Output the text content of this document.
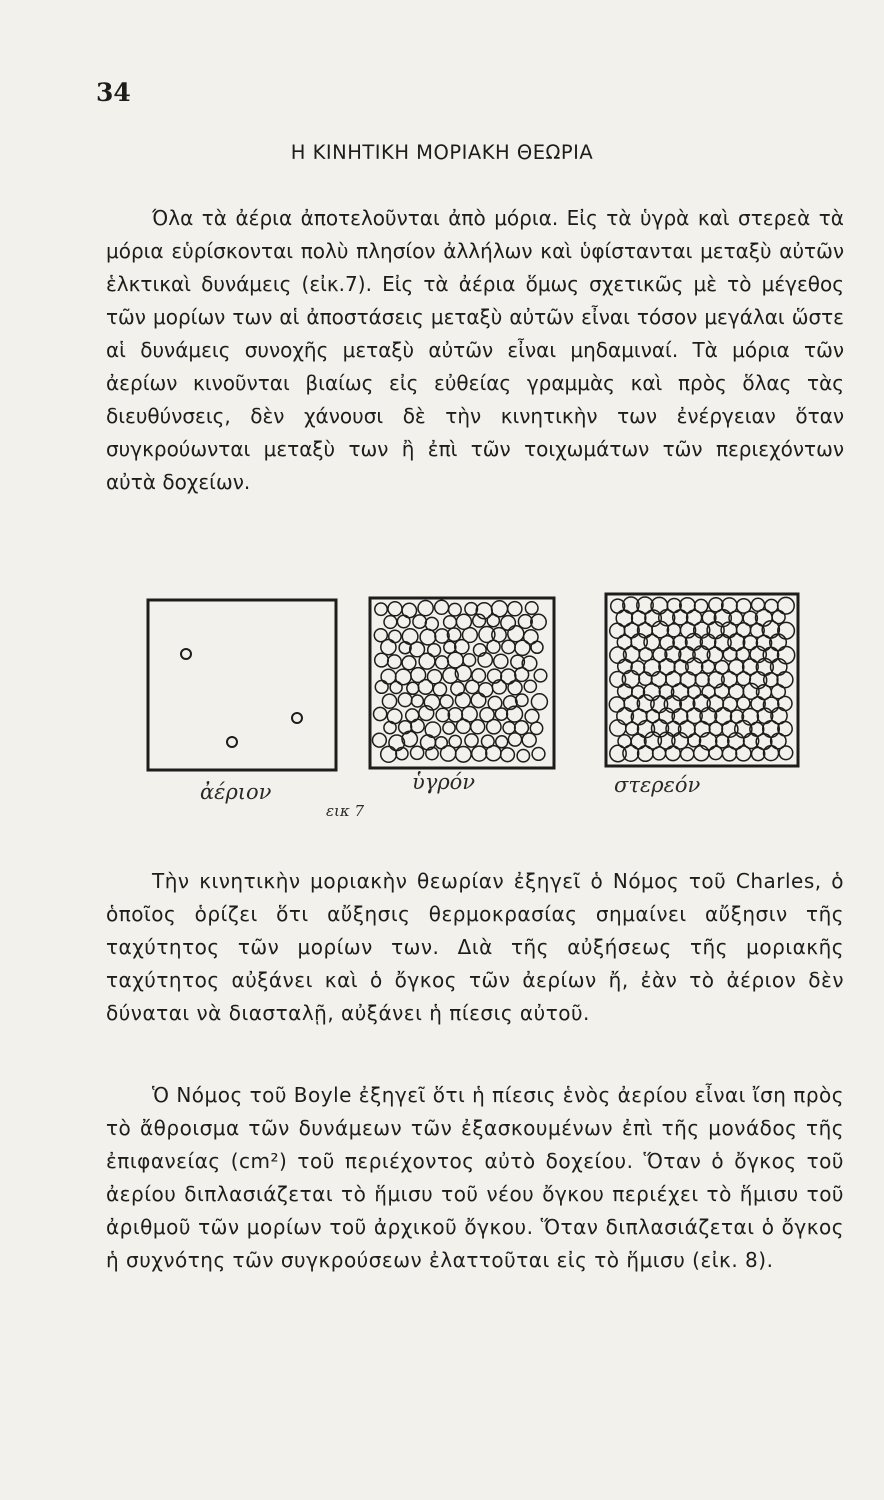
34
Η ΚΙΝΗΤΙΚΗ ΜΟΡΙΑΚΗ ΘΕΩΡΙΑ

Όλα τὰ ἀέρια ἀποτελοῦνται ἀπὸ μόρια. Εἰς τὰ ὑγρὰ καὶ στερεὰ τὰ μόρια εὑρίσκονται πολὺ πλησίον ἀλλήλων καὶ ὑφίστανται μεταξὺ αὐτῶν ἑλκτικαὶ δυνάμεις (εἰκ.7). Εἰς τὰ ἀέρια ὅμως σχετικῶς μὲ τὸ μέγεθος τῶν μορίων των αἱ ἀποστάσεις μεταξὺ αὐτῶν εἶναι τόσον μεγάλαι ὥστε αἱ δυνάμεις συνοχῆς μεταξὺ αὐτῶν εἶναι μηδαμιναί. Τὰ μόρια τῶν ἀερίων κινοῦνται βιαίως εἰς εὐθείας γραμμὰς καὶ πρὸς ὅλας τὰς διευθύνσεις, δὲν χάνουσι δὲ τὴν κινητικὴν των ἐνέργειαν ὅταν συγκρούωνται μεταξὺ των ἢ ἐπὶ τῶν τοιχωμάτων τῶν περιεχόντων αὐτὰ δοχείων.

ἀέριον	ὑγρόν	στερεόν
εικ 7

Τὴν κινητικὴν μοριακὴν θεωρίαν ἐξηγεῖ ὁ Νόμος τοῦ Charles, ὁ ὁποῖος ὁρίζει ὅτι αὔξησις θερμοκρασίας σημαίνει αὔξησιν τῆς ταχύτητος τῶν μορίων των. Διὰ τῆς αὐξήσεως τῆς μοριακῆς ταχύτητος αὐξάνει καὶ ὁ ὄγκος τῶν ἀερίων ἤ, ἐὰν τὸ ἀέριον δὲν δύναται νὰ διασταλῇ, αὐξάνει ἡ πίεσις αὐτοῦ.

Ὁ Νόμος τοῦ Boyle ἐξηγεῖ ὅτι ἡ πίεσις ἑνὸς ἀερίου εἶναι ἴση πρὸς τὸ ἄθροισμα τῶν δυνάμεων τῶν ἐξασκουμένων ἐπὶ τῆς μονάδος τῆς ἐπιφανείας (cm²) τοῦ περιέχοντος αὐτὸ δοχείου. Ὅταν ὁ ὄγκος τοῦ ἀερίου διπλασιάζεται τὸ ἥμισυ τοῦ νέου ὄγκου περιέχει τὸ ἥμισυ τοῦ ἀριθμοῦ τῶν μορίων τοῦ ἀρχικοῦ ὄγκου. Ὅταν διπλασιάζεται ὁ ὄγκος ἡ συχνότης τῶν συγκρούσεων ἐλαττοῦται εἰς τὸ ἥμισυ (εἰκ. 8).
